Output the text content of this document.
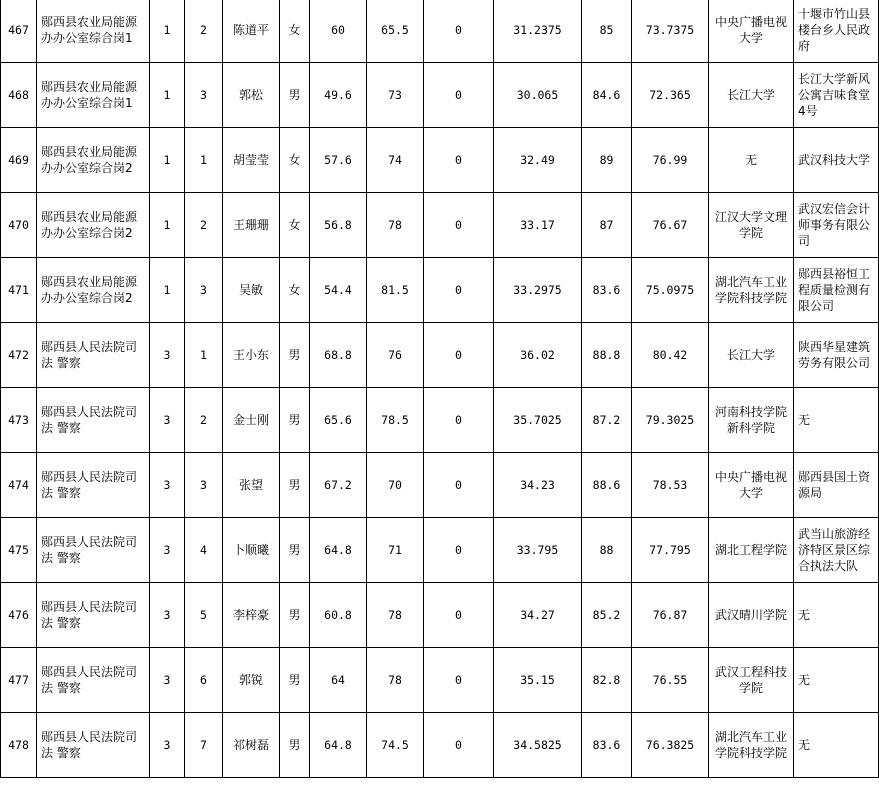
467	郧西县农业局能源办办公室综合岗1	1	2	陈道平	女	60	65.5	0	31.2375	85	73.7375	中央广播电视大学	十堰市竹山县楼台乡人民政府
468	郧西县农业局能源办办公室综合岗1	1	3	郭松	男	49.6	73	0	30.065	84.6	72.365	长江大学	长江大学新风公寓吉味食堂4号
469	郧西县农业局能源办办公室综合岗2	1	1	胡莹莹	女	57.6	74	0	32.49	89	76.99	无	武汉科技大学
470	郧西县农业局能源办办公室综合岗2	1	2	王珊珊	女	56.8	78	0	33.17	87	76.67	江汉大学文理学院	武汉宏信会计师事务有限公司
471	郧西县农业局能源办办公室综合岗2	1	3	吴敏	女	54.4	81.5	0	33.2975	83.6	75.0975	湖北汽车工业学院科技学院	郧西县裕恒工程质量检测有限公司
472	郧西县人民法院司法 警察	3	1	王小东	男	68.8	76	0	36.02	88.8	80.42	长江大学	陕西华星建筑劳务有限公司
473	郧西县人民法院司法 警察	3	2	金士刚	男	65.6	78.5	0	35.7025	87.2	79.3025	河南科技学院新科学院	无
474	郧西县人民法院司法 警察	3	3	张望	男	67.2	70	0	34.23	88.6	78.53	中央广播电视大学	郧西县国土资源局
475	郧西县人民法院司法 警察	3	4	卜顺曦	男	64.8	71	0	33.795	88	77.795	湖北工程学院	武当山旅游经济特区景区综合执法大队
476	郧西县人民法院司法 警察	3	5	李梓豪	男	60.8	78	0	34.27	85.2	76.87	武汉晴川学院	无
477	郧西县人民法院司法 警察	3	6	郭锐	男	64	78	0	35.15	82.8	76.55	武汉工程科技学院	无
478	郧西县人民法院司法 警察	3	7	祁树磊	男	64.8	74.5	0	34.5825	83.6	76.3825	湖北汽车工业学院科技学院	无
